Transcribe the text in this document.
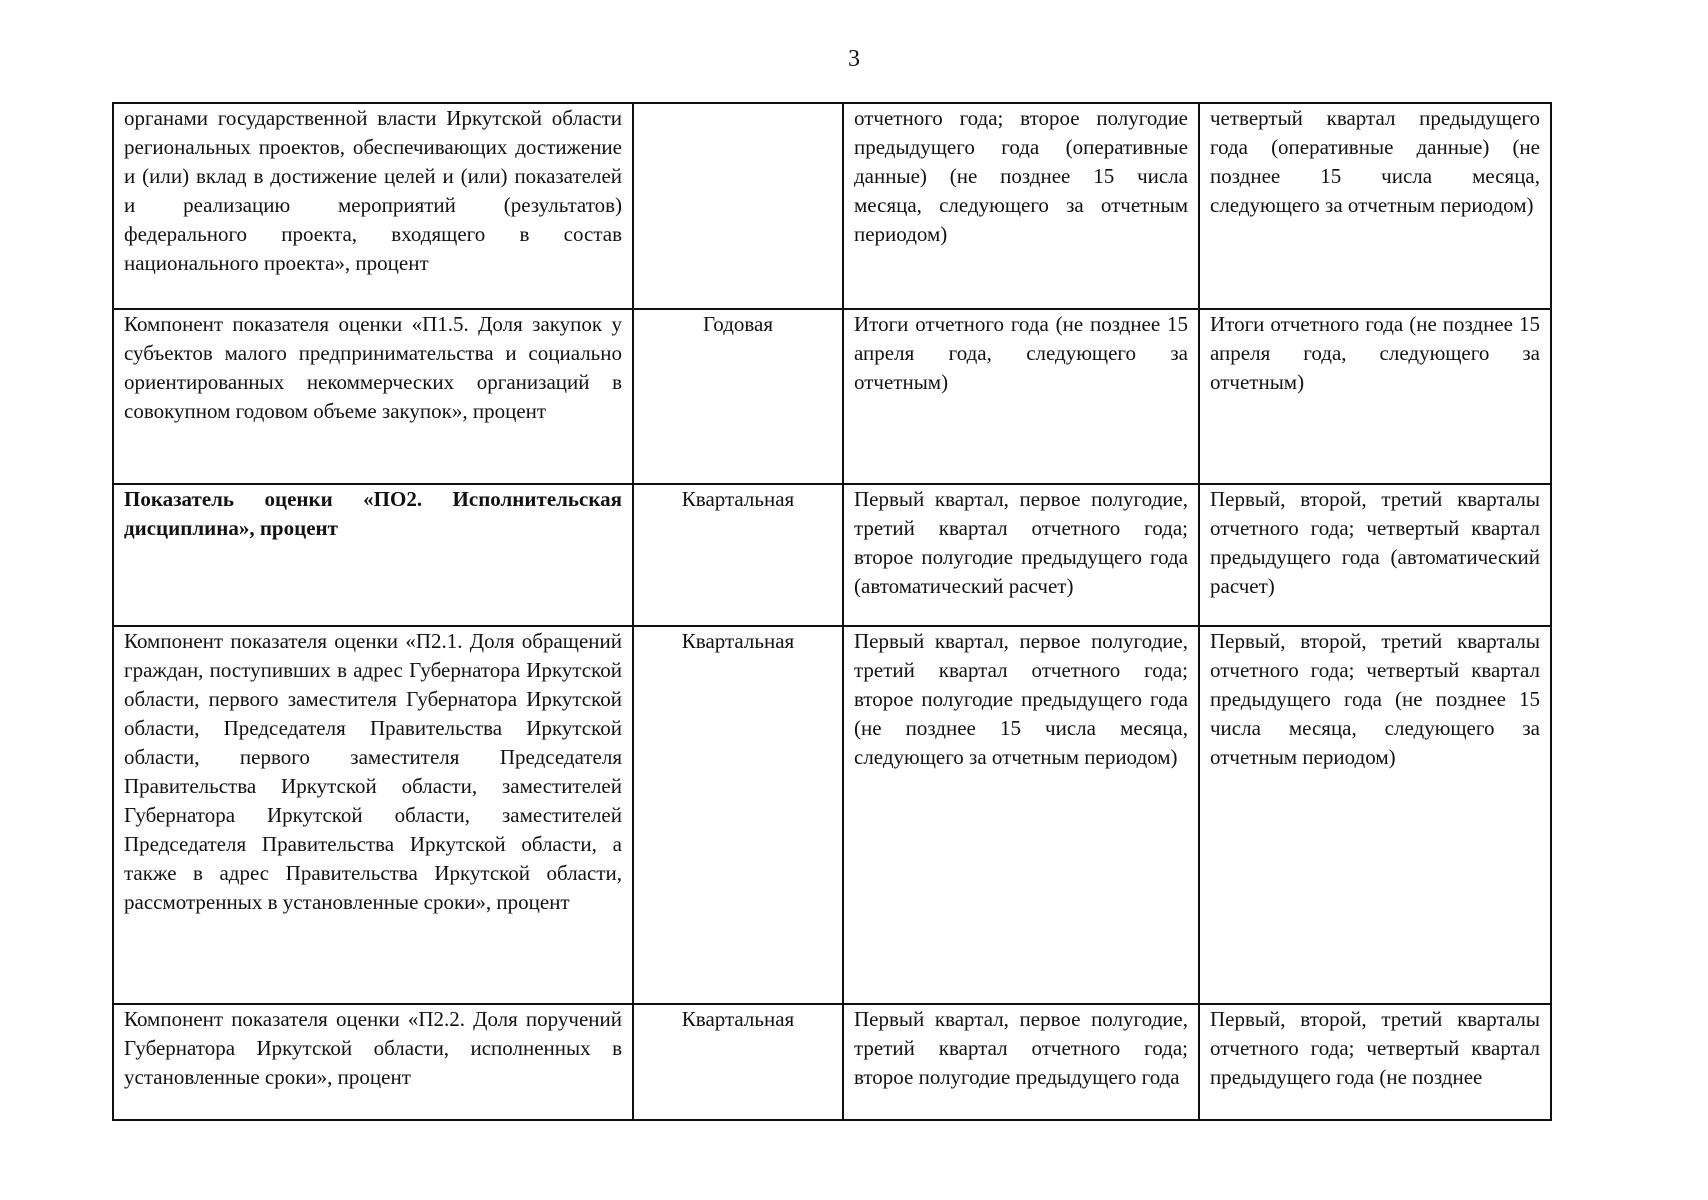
3
органами государственной власти Иркутской области региональных проектов, обеспечивающих достижение и (или) вклад в достижение целей и (или) показателей и реализацию мероприятий (результатов) федерального проекта, входящего в состав национального проекта», процент		отчетного года; второе полугодие предыдущего года (оперативные данные) (не позднее 15 числа месяца, следующего за отчетным периодом)	четвертый квартал предыдущего года (оперативные данные) (не позднее 15 числа месяца, следующего за отчетным периодом)
Компонент показателя оценки «П1.5. Доля закупок у субъектов малого предпринимательства и социально ориентированных некоммерческих организаций в совокупном годовом объеме закупок», процент	Годовая	Итоги отчетного года (не позднее 15 апреля года, следующего за отчетным)	Итоги отчетного года (не позднее 15 апреля года, следующего за отчетным)
Показатель оценки «ПО2. Исполнительская дисциплина», процент	Квартальная	Первый квартал, первое полугодие, третий квартал отчетного года; второе полугодие предыдущего года (автоматический расчет)	Первый, второй, третий кварталы отчетного года; четвертый квартал предыдущего года (автоматический расчет)
Компонент показателя оценки «П2.1. Доля обращений граждан, поступивших в адрес Губернатора Иркутской области, первого заместителя Губернатора Иркутской области, Председателя Правительства Иркутской области, первого заместителя Председателя Правительства Иркутской области, заместителей Губернатора Иркутской области, заместителей Председателя Правительства Иркутской области, а также в адрес Правительства Иркутской области, рассмотренных в установленные сроки», процент	Квартальная	Первый квартал, первое полугодие, третий квартал отчетного года; второе полугодие предыдущего года (не позднее 15 числа месяца, следующего за отчетным периодом)	Первый, второй, третий кварталы отчетного года; четвертый квартал предыдущего года (не позднее 15 числа месяца, следующего за отчетным периодом)
Компонент показателя оценки «П2.2. Доля поручений Губернатора Иркутской области, исполненных в установленные сроки», процент	Квартальная	Первый квартал, первое полугодие, третий квартал отчетного года; второе полугодие предыдущего года	Первый, второй, третий кварталы отчетного года; четвертый квартал предыдущего года (не позднее
